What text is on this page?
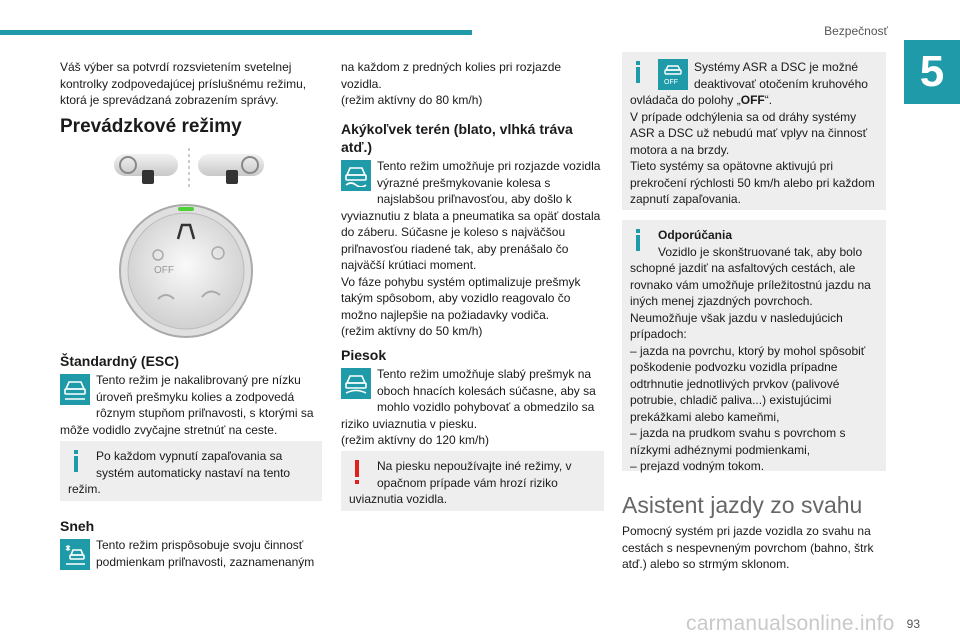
Bezpečnosť
5
Váš výber sa potvrdí rozsvietením svetelnej kontrolky zodpovedajúcej príslušnému režimu, ktorá je sprevádzaná zobrazením správy.
Prevádzkové režimy
OFF
Štandardný (ESC)
Tento režim je nakalibrovaný pre nízku úroveň prešmyku kolies a zodpovedá rôznym stupňom priľnavosti, s ktorými sa môže vodidlo zvyčajne stretnúť na ceste.
Po každom vypnutí zapaľovania sa systém automaticky nastaví na tento režim.
Sneh
Tento režim prispôsobuje svoju činnosť podmienkam priľnavosti, zaznamenaným
na každom z predných kolies pri rozjazde vozidla.
(režim aktívny do 80 km/h)
Akýkoľvek terén (blato, vlhká tráva atď.)
Tento režim umožňuje pri rozjazde vozidla výrazné prešmykovanie kolesa s najslabšou priľnavosťou, aby došlo k vyviaznutiu z blata a pneumatika sa opäť dostala do záberu. Súčasne je koleso s najväčšou priľnavosťou riadené tak, aby prenášalo čo najväčší krútiaci moment.
Vo fáze pohybu systém optimalizuje prešmyk takým spôsobom, aby vozidlo reagovalo čo možno najlepšie na požiadavky vodiča.
(režim aktívny do 50 km/h)
Piesok
Tento režim umožňuje slabý prešmyk na oboch hnacích kolesách súčasne, aby sa mohlo vozidlo pohybovať a obmedzilo sa riziko uviaznutia v piesku.
(režim aktívny do 120 km/h)
Na piesku nepoužívajte iné režimy, v opačnom prípade vám hrozí riziko uviaznutia vozidla.
OFF
Systémy ASR a DSC je možné deaktivovať otočením kruhového ovládača do polohy „OFF“.
V prípade odchýlenia sa od dráhy systémy ASR a DSC už nebudú mať vplyv na činnosť motora a na brzdy.
Tieto systémy sa opätovne aktivujú pri prekročení rýchlosti 50 km/h alebo pri každom zapnutí zapaľovania.
Odporúčania
Vozidlo je skonštruované tak, aby bolo schopné jazdiť na asfaltových cestách, ale rovnako vám umožňuje príležitostnú jazdu na iných menej zjazdných povrchoch.
Neumožňuje však jazdu v nasledujúcich prípadoch:
– jazda na povrchu, ktorý by mohol spôsobiť poškodenie podvozku vozidla prípadne odtrhnutie jednotlivých prvkov (palivové potrubie, chladič paliva...) existujúcimi prekážkami alebo kameňmi,
– jazda na prudkom svahu s povrchom s nízkymi adhéznymi podmienkami,
– prejazd vodným tokom.
Asistent jazdy zo svahu
Pomocný systém pri jazde vozidla zo svahu na cestách s nespevneným povrchom (bahno, štrk atď.) alebo so strmým sklonom.
carmanualsonline.info 93
